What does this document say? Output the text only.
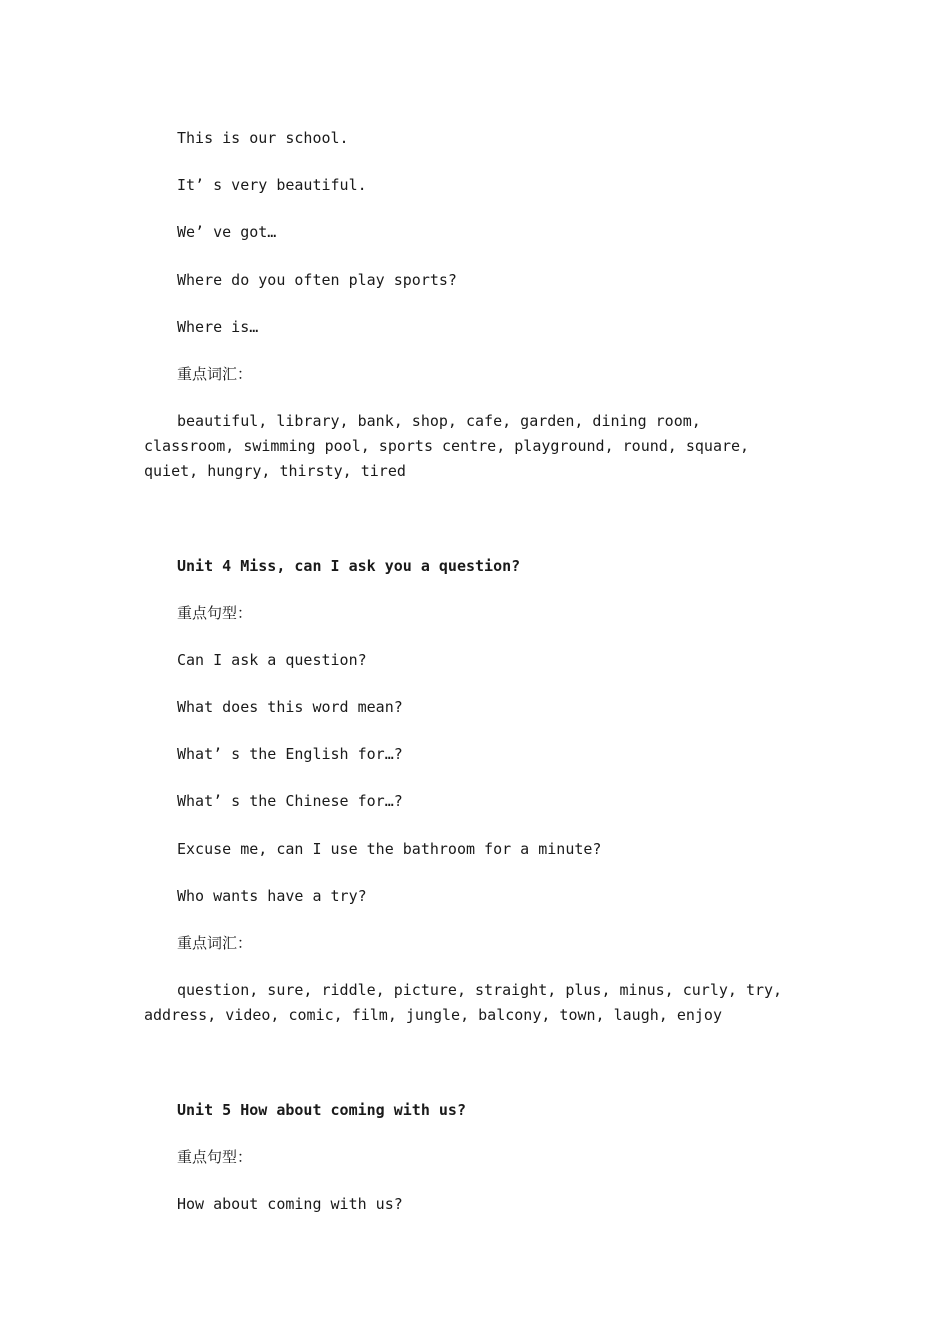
This is our school.
It’ s very beautiful.
We’ ve got…
Where do you often play sports?
Where is…
重点词汇：
beautiful, library, bank, shop, cafe, garden, dining room, classroom, swimming pool, sports centre, playground, round, square, quiet, hungry, thirsty, tired
Unit 4 Miss, can I ask you a question?
重点句型：
Can I ask a question?
What does this word mean?
What’ s the English for…?
What’ s the Chinese for…?
Excuse me, can I use the bathroom for a minute?
Who wants have a try?
重点词汇：
question, sure, riddle, picture, straight, plus, minus, curly, try, address, video, comic, film, jungle, balcony, town, laugh, enjoy
Unit 5 How about coming with us?
重点句型：
How about coming with us?
